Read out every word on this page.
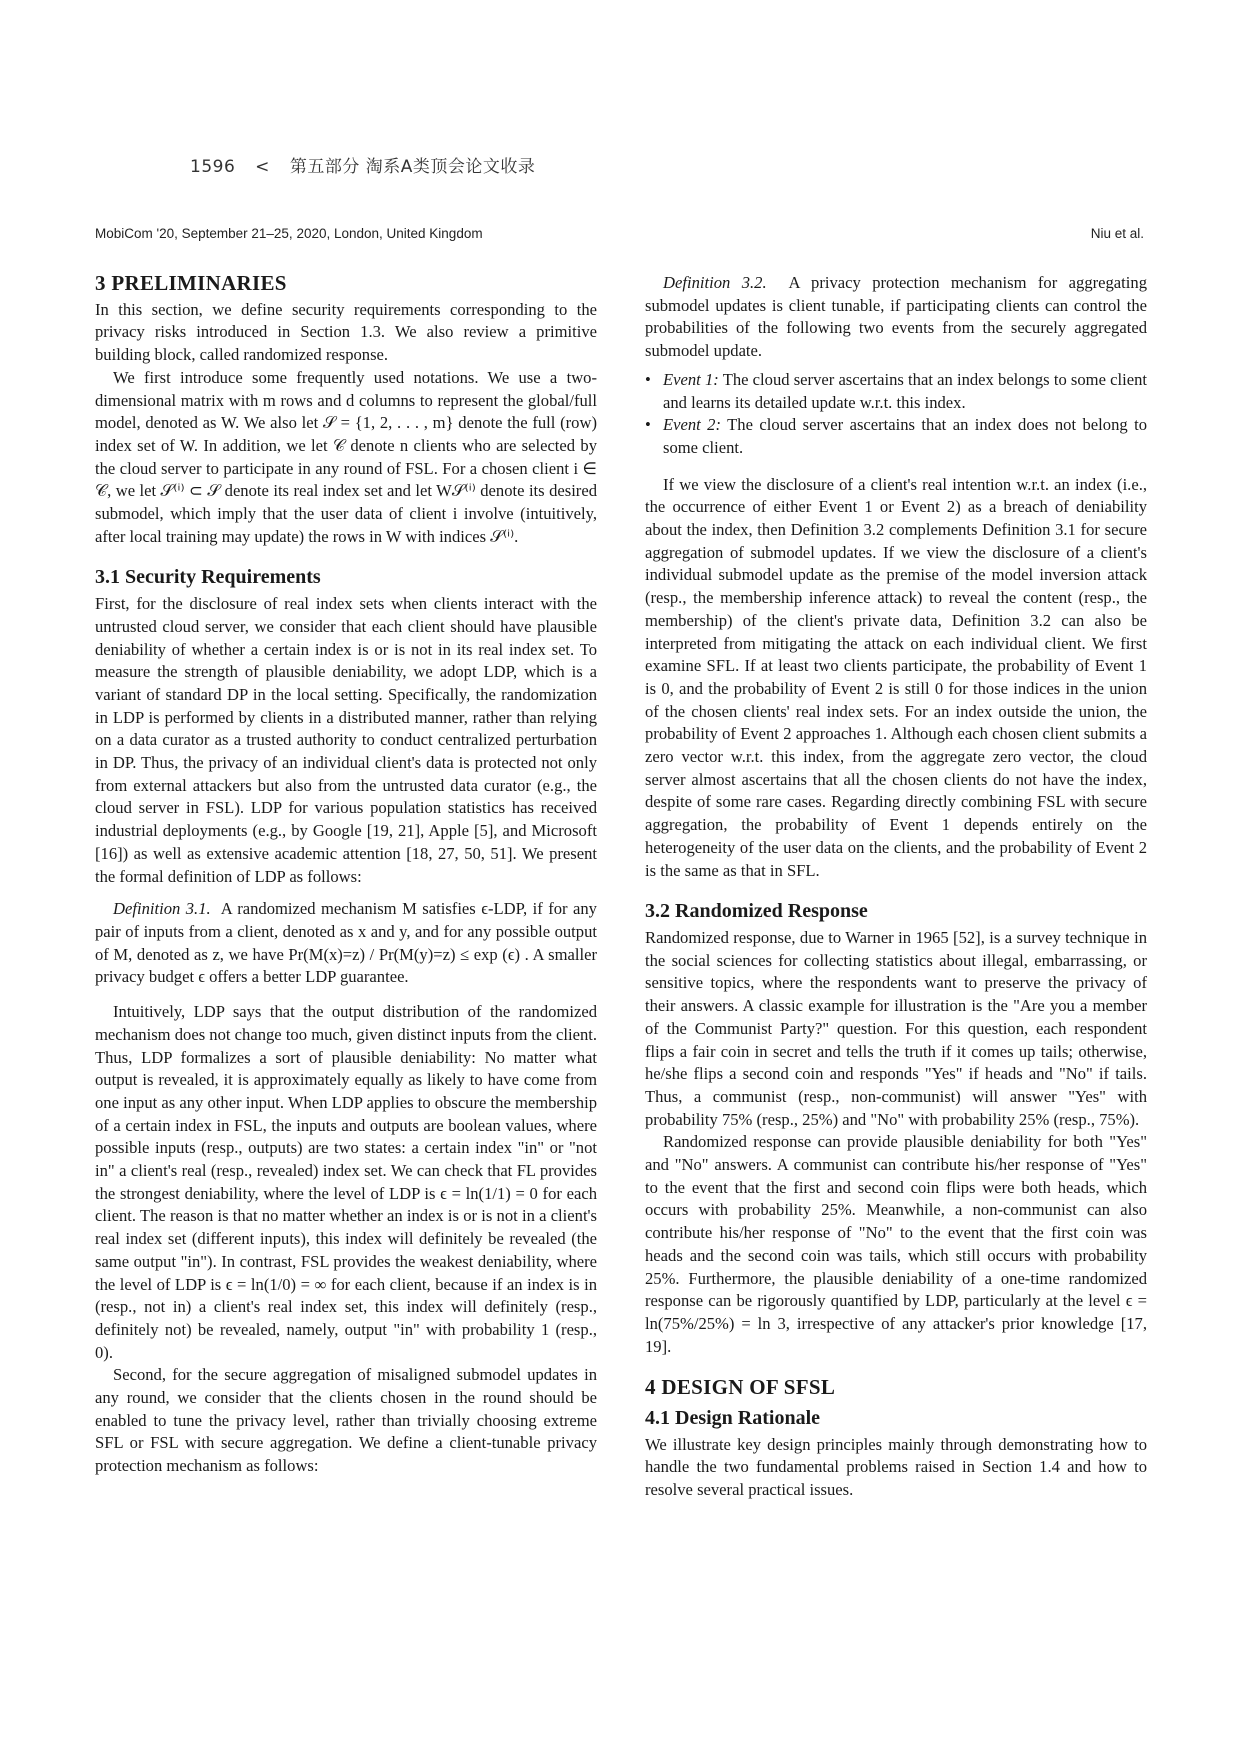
1596 < 第五部分 淘系A类顶会论文收录
MobiCom '20, September 21–25, 2020, London, United Kingdom	Niu et al.
3 PRELIMINARIES

In this section, we define security requirements corresponding to the privacy risks introduced in Section 1.3. We also review a primitive building block, called randomized response.

We first introduce some frequently used notations. We use a two-dimensional matrix with m rows and d columns to represent the global/full model, denoted as W. We also let 𝒮 = {1, 2, . . . , m} denote the full (row) index set of W. In addition, we let 𝒞 denote n clients who are selected by the cloud server to participate in any round of FSL. For a chosen client i ∈ 𝒞, we let 𝒮⁽ⁱ⁾ ⊂ 𝒮 denote its real index set and let W𝒮⁽ⁱ⁾ denote its desired submodel, which imply that the user data of client i involve (intuitively, after local training may update) the rows in W with indices 𝒮⁽ⁱ⁾.

3.1 Security Requirements

First, for the disclosure of real index sets when clients interact with the untrusted cloud server, we consider that each client should have plausible deniability of whether a certain index is or is not in its real index set. To measure the strength of plausible deniability, we adopt LDP, which is a variant of standard DP in the local setting. Specifically, the randomization in LDP is performed by clients in a distributed manner, rather than relying on a data curator as a trusted authority to conduct centralized perturbation in DP. Thus, the privacy of an individual client's data is protected not only from external attackers but also from the untrusted data curator (e.g., the cloud server in FSL). LDP for various population statistics has received industrial deployments (e.g., by Google [19, 21], Apple [5], and Microsoft [16]) as well as extensive academic attention [18, 27, 50, 51]. We present the formal definition of LDP as follows:

Definition 3.1. A randomized mechanism M satisfies ϵ-LDP, if for any pair of inputs from a client, denoted as x and y, and for any possible output of M, denoted as z, we have Pr(M(x)=z) / Pr(M(y)=z) ≤ exp (ϵ) . A smaller privacy budget ϵ offers a better LDP guarantee.

Intuitively, LDP says that the output distribution of the randomized mechanism does not change too much, given distinct inputs from the client. Thus, LDP formalizes a sort of plausible deniability: No matter what output is revealed, it is approximately equally as likely to have come from one input as any other input. When LDP applies to obscure the membership of a certain index in FSL, the inputs and outputs are boolean values, where possible inputs (resp., outputs) are two states: a certain index "in" or "not in" a client's real (resp., revealed) index set. We can check that FL provides the strongest deniability, where the level of LDP is ϵ = ln(1/1) = 0 for each client. The reason is that no matter whether an index is or is not in a client's real index set (different inputs), this index will definitely be revealed (the same output "in"). In contrast, FSL provides the weakest deniability, where the level of LDP is ϵ = ln(1/0) = ∞ for each client, because if an index is in (resp., not in) a client's real index set, this index will definitely (resp., definitely not) be revealed, namely, output "in" with probability 1 (resp., 0).

Second, for the secure aggregation of misaligned submodel updates in any round, we consider that the clients chosen in the round should be enabled to tune the privacy level, rather than trivially choosing extreme SFL or FSL with secure aggregation. We define a client-tunable privacy protection mechanism as follows:

Definition 3.2. A privacy protection mechanism for aggregating submodel updates is client tunable, if participating clients can control the probabilities of the following two events from the securely aggregated submodel update.

• Event 1: The cloud server ascertains that an index belongs to some client and learns its detailed update w.r.t. this index.
• Event 2: The cloud server ascertains that an index does not belong to some client.

If we view the disclosure of a client's real intention w.r.t. an index (i.e., the occurrence of either Event 1 or Event 2) as a breach of deniability about the index, then Definition 3.2 complements Definition 3.1 for secure aggregation of submodel updates. If we view the disclosure of a client's individual submodel update as the premise of the model inversion attack (resp., the membership inference attack) to reveal the content (resp., the membership) of the client's private data, Definition 3.2 can also be interpreted from mitigating the attack on each individual client. We first examine SFL. If at least two clients participate, the probability of Event 1 is 0, and the probability of Event 2 is still 0 for those indices in the union of the chosen clients' real index sets. For an index outside the union, the probability of Event 2 approaches 1. Although each chosen client submits a zero vector w.r.t. this index, from the aggregate zero vector, the cloud server almost ascertains that all the chosen clients do not have the index, despite of some rare cases. Regarding directly combining FSL with secure aggregation, the probability of Event 1 depends entirely on the heterogeneity of the user data on the clients, and the probability of Event 2 is the same as that in SFL.

3.2 Randomized Response

Randomized response, due to Warner in 1965 [52], is a survey technique in the social sciences for collecting statistics about illegal, embarrassing, or sensitive topics, where the respondents want to preserve the privacy of their answers. A classic example for illustration is the "Are you a member of the Communist Party?" question. For this question, each respondent flips a fair coin in secret and tells the truth if it comes up tails; otherwise, he/she flips a second coin and responds "Yes" if heads and "No" if tails. Thus, a communist (resp., non-communist) will answer "Yes" with probability 75% (resp., 25%) and "No" with probability 25% (resp., 75%).

Randomized response can provide plausible deniability for both "Yes" and "No" answers. A communist can contribute his/her response of "Yes" to the event that the first and second coin flips were both heads, which occurs with probability 25%. Meanwhile, a non-communist can also contribute his/her response of "No" to the event that the first coin was heads and the second coin was tails, which still occurs with probability 25%. Furthermore, the plausible deniability of a one-time randomized response can be rigorously quantified by LDP, particularly at the level ϵ = ln(75%/25%) = ln 3, irrespective of any attacker's prior knowledge [17, 19].

4 DESIGN OF SFSL
4.1 Design Rationale

We illustrate key design principles mainly through demonstrating how to handle the two fundamental problems raised in Section 1.4 and how to resolve several practical issues.
